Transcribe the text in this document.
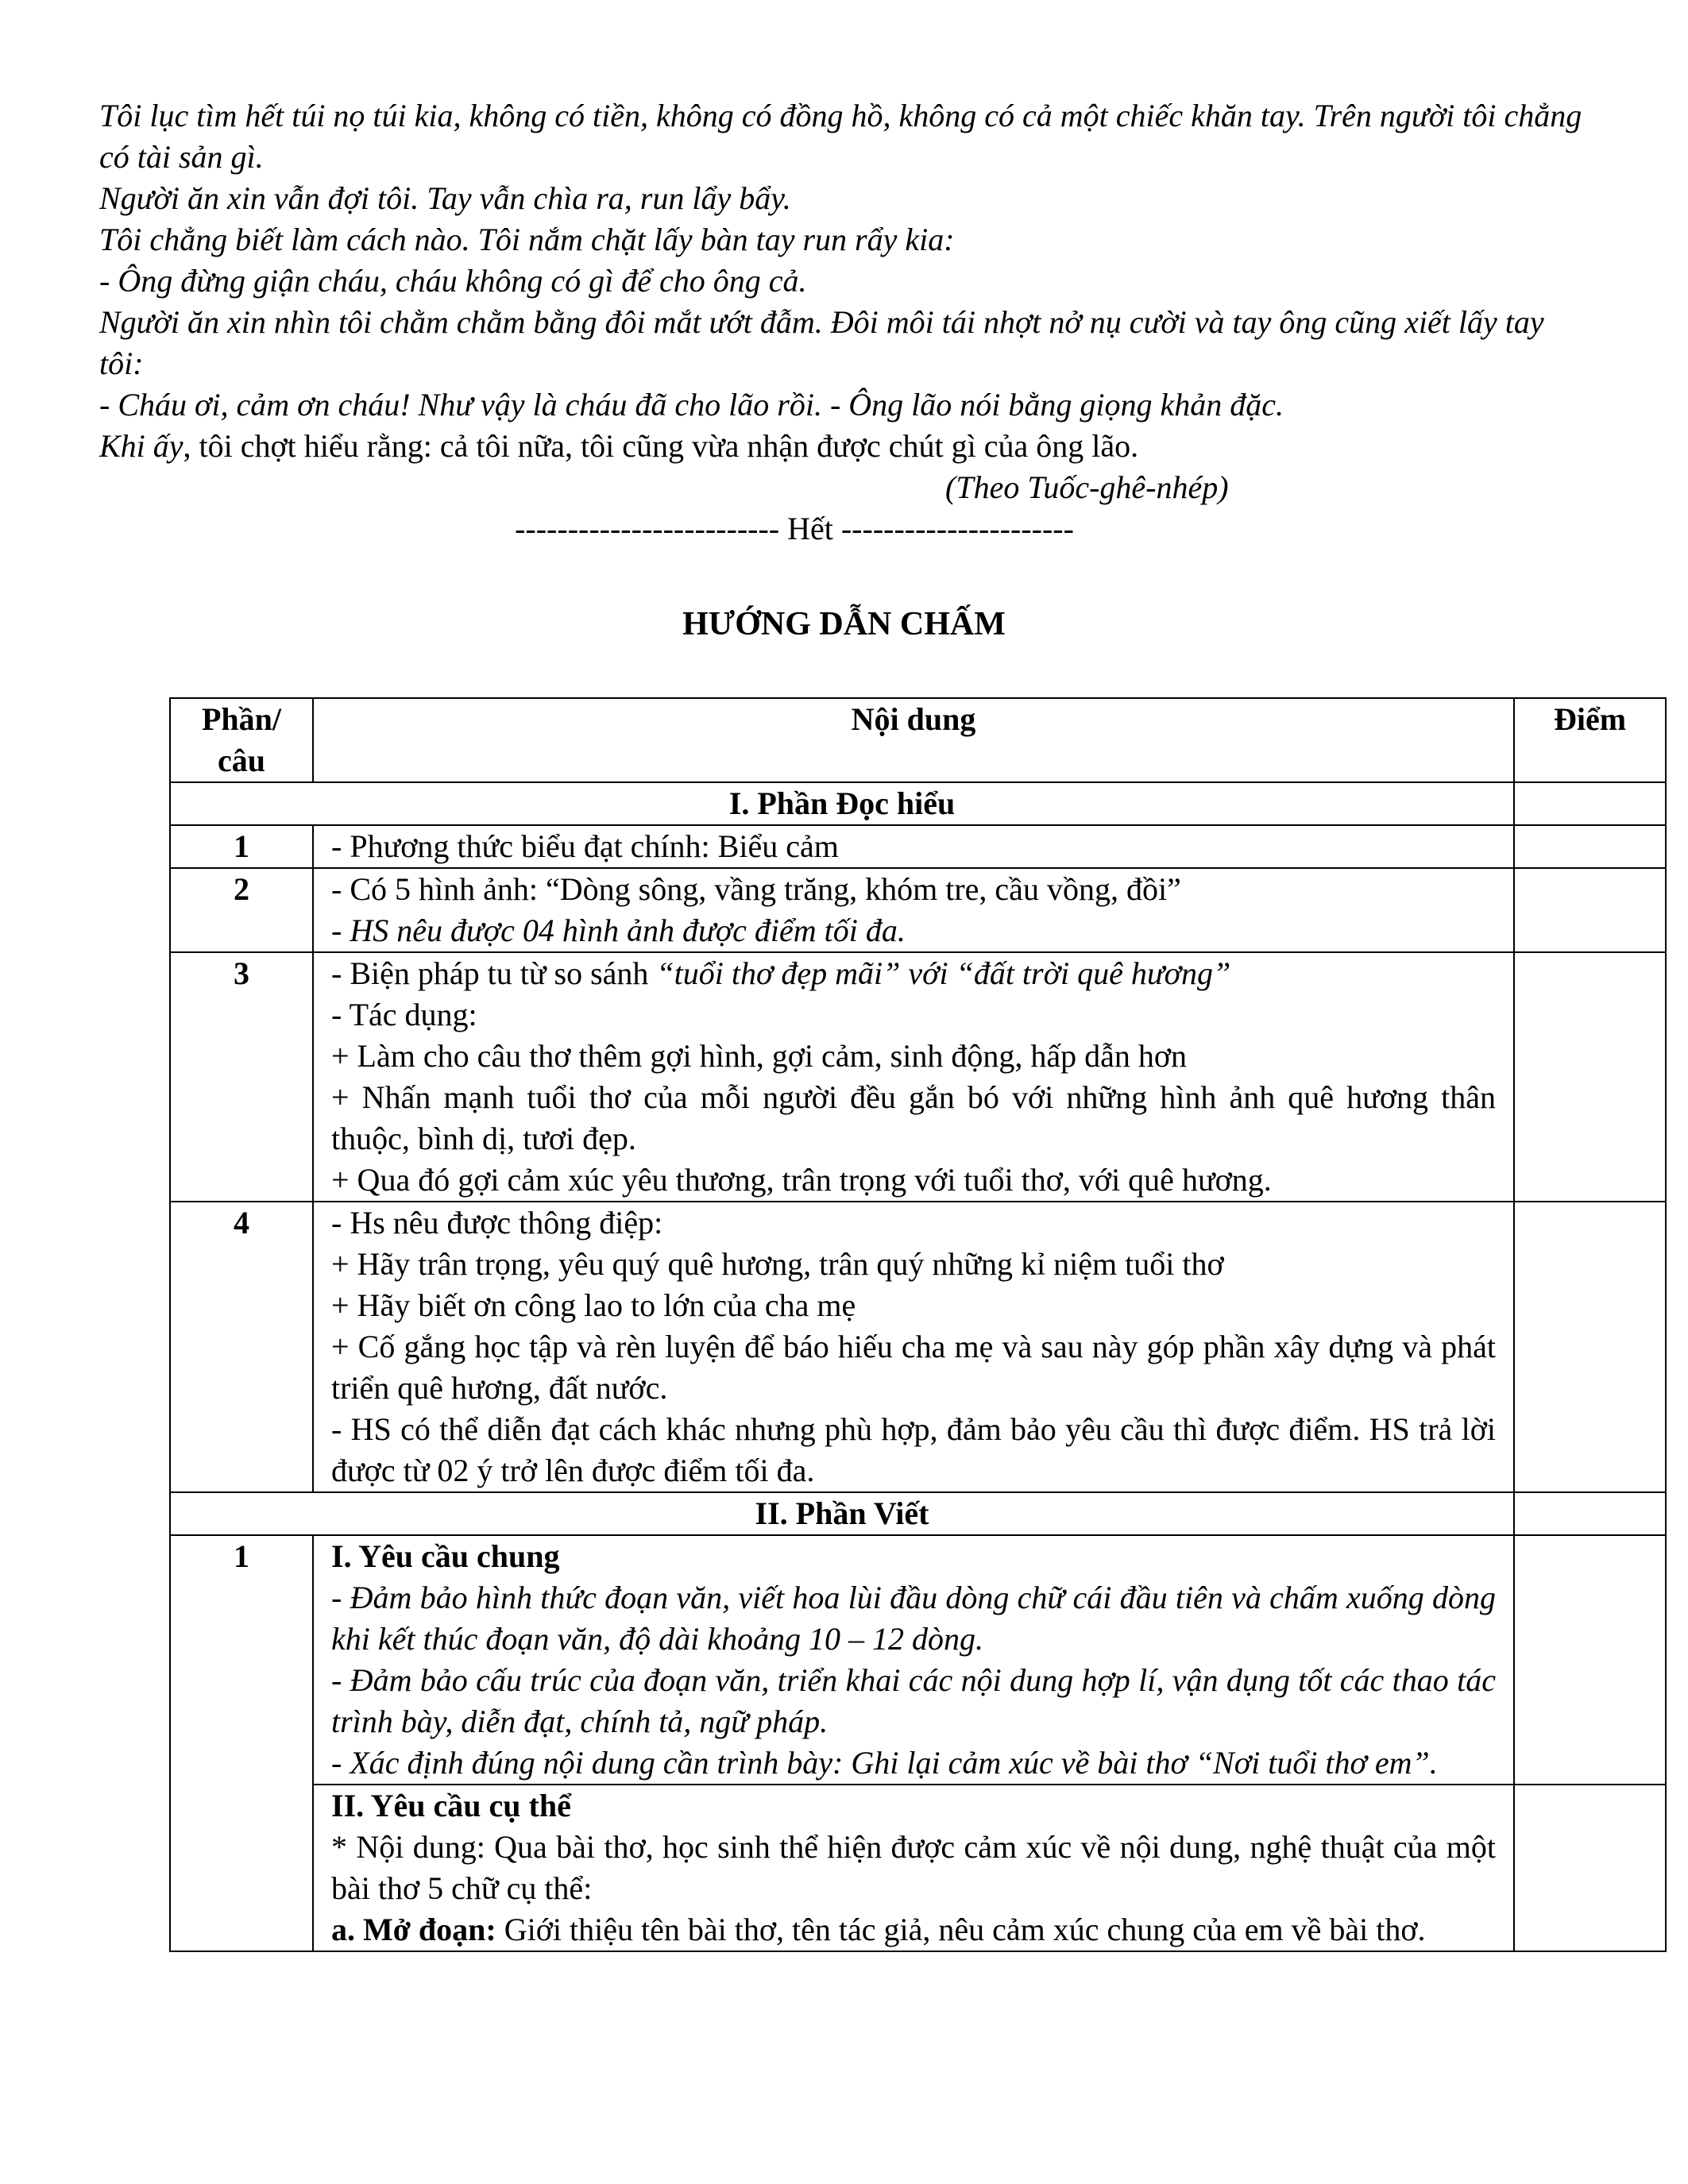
Tôi lục tìm hết túi nọ túi kia, không có tiền, không có đồng hồ, không có cả một chiếc khăn tay. Trên người tôi chẳng có tài sản gì.

Người ăn xin vẫn đợi tôi. Tay vẫn chìa ra, run lẩy bẩy.

Tôi chẳng biết làm cách nào. Tôi nắm chặt lấy bàn tay run rẩy kia:

- Ông đừng giận cháu, cháu không có gì để cho ông cả.

Người ăn xin nhìn tôi chằm chằm bằng đôi mắt ướt đẫm. Đôi môi tái nhợt nở nụ cười và tay ông cũng xiết lấy tay tôi:

- Cháu ơi, cảm ơn cháu! Như vậy là cháu đã cho lão rồi. - Ông lão nói bằng giọng khản đặc.

Khi ấy, tôi chợt hiểu rằng: cả tôi nữa, tôi cũng vừa nhận được chút gì của ông lão.

(Theo Tuốc-ghê-nhép)

------------------------- Hết ----------------------

HƯỚNG DẪN CHẤM
Phần/ câu	Nội dung	Điểm
I. Phần Đọc hiểu		
1	- Phương thức biểu đạt chính: Biểu cảm	

2	- Có 5 hình ảnh: “Dòng sông, vầng trăng, khóm tre, cầu vồng, đồi”

- HS nêu được 04 hình ảnh được điểm tối đa.	

3	- Biện pháp tu từ so sánh “tuổi thơ đẹp mãi” với “đất trời quê hương”

- Tác dụng:

+ Làm cho câu thơ thêm gợi hình, gợi cảm, sinh động, hấp dẫn hơn

+ Nhấn mạnh tuổi thơ của mỗi người đều gắn bó với những hình ảnh quê hương thân thuộc, bình dị, tươi đẹp.

+ Qua đó gợi cảm xúc yêu thương, trân trọng với tuổi thơ, với quê hương.	

4	- Hs nêu được thông điệp:

+ Hãy trân trọng, yêu quý quê hương, trân quý những kỉ niệm tuổi thơ

+ Hãy biết ơn công lao to lớn của cha mẹ

+ Cố gắng học tập và rèn luyện để báo hiếu cha mẹ và sau này góp phần xây dựng và phát triển quê hương, đất nước.

- HS có thể diễn đạt cách khác nhưng phù hợp, đảm bảo yêu cầu thì được điểm. HS trả lời được từ 02 ý trở lên được điểm tối đa.	

II. Phần Viết		
1	I. Yêu cầu chung

- Đảm bảo hình thức đoạn văn, viết hoa lùi đầu dòng chữ cái đầu tiên và chấm xuống dòng khi kết thúc đoạn văn, độ dài khoảng 10 – 12 dòng.

- Đảm bảo cấu trúc của đoạn văn, triển khai các nội dung hợp lí, vận dụng tốt các thao tác trình bày, diễn đạt, chính tả, ngữ pháp.

- Xác định đúng nội dung cần trình bày: Ghi lại cảm xúc về bài thơ “Nơi tuổi thơ em”.	

	II. Yêu cầu cụ thể

* Nội dung: Qua bài thơ, học sinh thể hiện được cảm xúc về nội dung, nghệ thuật của một bài thơ 5 chữ cụ thể:

a. Mở đoạn: Giới thiệu tên bài thơ, tên tác giả, nêu cảm xúc chung của em về bài thơ.	
